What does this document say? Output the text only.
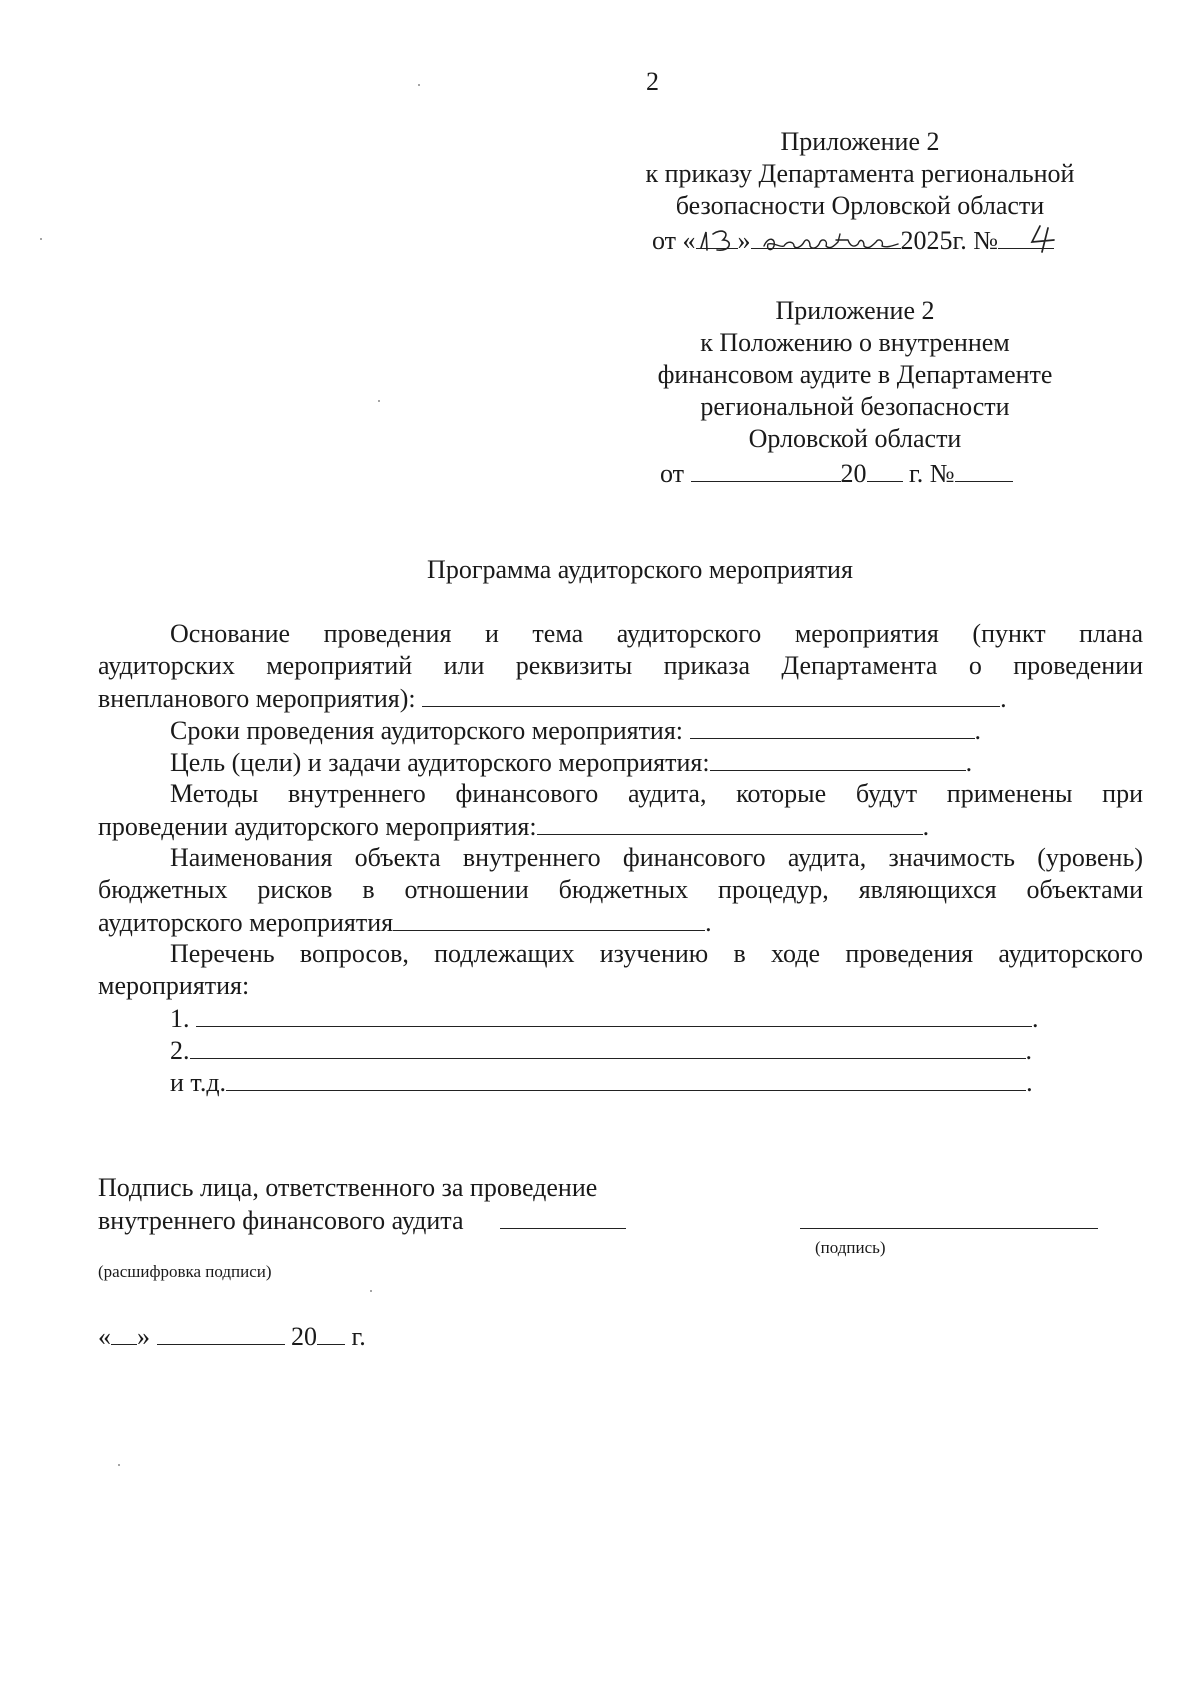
2
Приложение 2
к приказу Департамента региональной
безопасности Орловской области
от « »	2025г. №
Приложение 2
к Положению о внутреннем
финансовом аудите в Департаменте
региональной безопасности
Орловской области
от	20 г. №
Программа аудиторского мероприятия
Основание проведения и тема аудиторского мероприятия (пункт плана
аудиторских мероприятий или реквизиты приказа Департамента о проведении
внепланового мероприятия):	.
Сроки проведения аудиторского мероприятия:	.
Цель (цели) и задачи аудиторского мероприятия:	.
Методы внутреннего финансового аудита, которые будут применены при
проведении аудиторского мероприятия:	.
Наименования объекта внутреннего финансового аудита, значимость (уровень)
бюджетных рисков в отношении бюджетных процедур, являющихся объектами
аудиторского мероприятия	.
Перечень вопросов, подлежащих изучению в ходе проведения аудиторского
мероприятия:
1.	.
2.	.
и т.д.	.
Подпись лица, ответственного за проведение
внутреннего финансового аудита
(подпись)
(расшифровка подписи)
« »	20 г.
